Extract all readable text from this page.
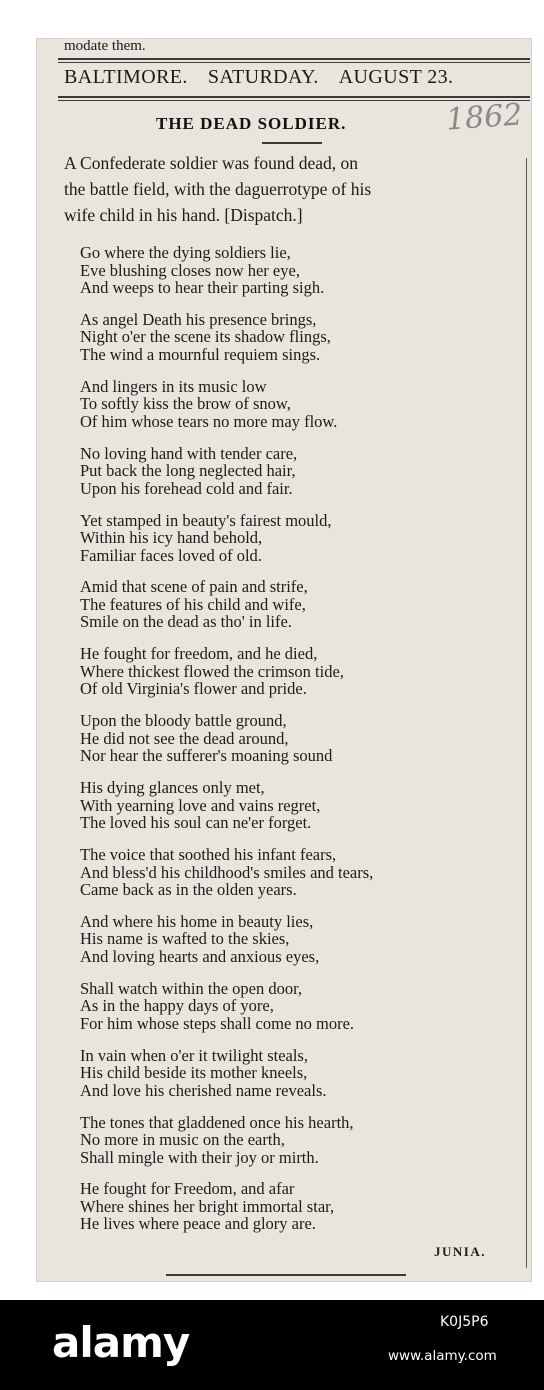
modate them.
BALTIMORE. SATURDAY. AUGUST 23.
1862
THE DEAD SOLDIER.
A Confederate soldier was found dead, on
the battle field, with the daguerrotype of his
wife child in his hand. [Dispatch.]
Go where the dying soldiers lie,
Eve blushing closes now her eye,
And weeps to hear their parting sigh.
As angel Death his presence brings,
Night o'er the scene its shadow flings,
The wind a mournful requiem sings.
And lingers in its music low
To softly kiss the brow of snow,
Of him whose tears no more may flow.
No loving hand with tender care,
Put back the long neglected hair,
Upon his forehead cold and fair.
Yet stamped in beauty's fairest mould,
Within his icy hand behold,
Familiar faces loved of old.
Amid that scene of pain and strife,
The features of his child and wife,
Smile on the dead as tho' in life.
He fought for freedom, and he died,
Where thickest flowed the crimson tide,
Of old Virginia's flower and pride.
Upon the bloody battle ground,
He did not see the dead around,
Nor hear the sufferer's moaning sound
His dying glances only met,
With yearning love and vains regret,
The loved his soul can ne'er forget.
The voice that soothed his infant fears,
And bless'd his childhood's smiles and tears,
Came back as in the olden years.
And where his home in beauty lies,
His name is wafted to the skies,
And loving hearts and anxious eyes,
Shall watch within the open door,
As in the happy days of yore,
For him whose steps shall come no more.
In vain when o'er it twilight steals,
His child beside its mother kneels,
And love his cherished name reveals.
The tones that gladdened once his hearth,
No more in music on the earth,
Shall mingle with their joy or mirth.
He fought for Freedom, and afar
Where shines her bright immortal star,
He lives where peace and glory are.
JUNIA.
alamy	K0J5P6
www.alamy.com
